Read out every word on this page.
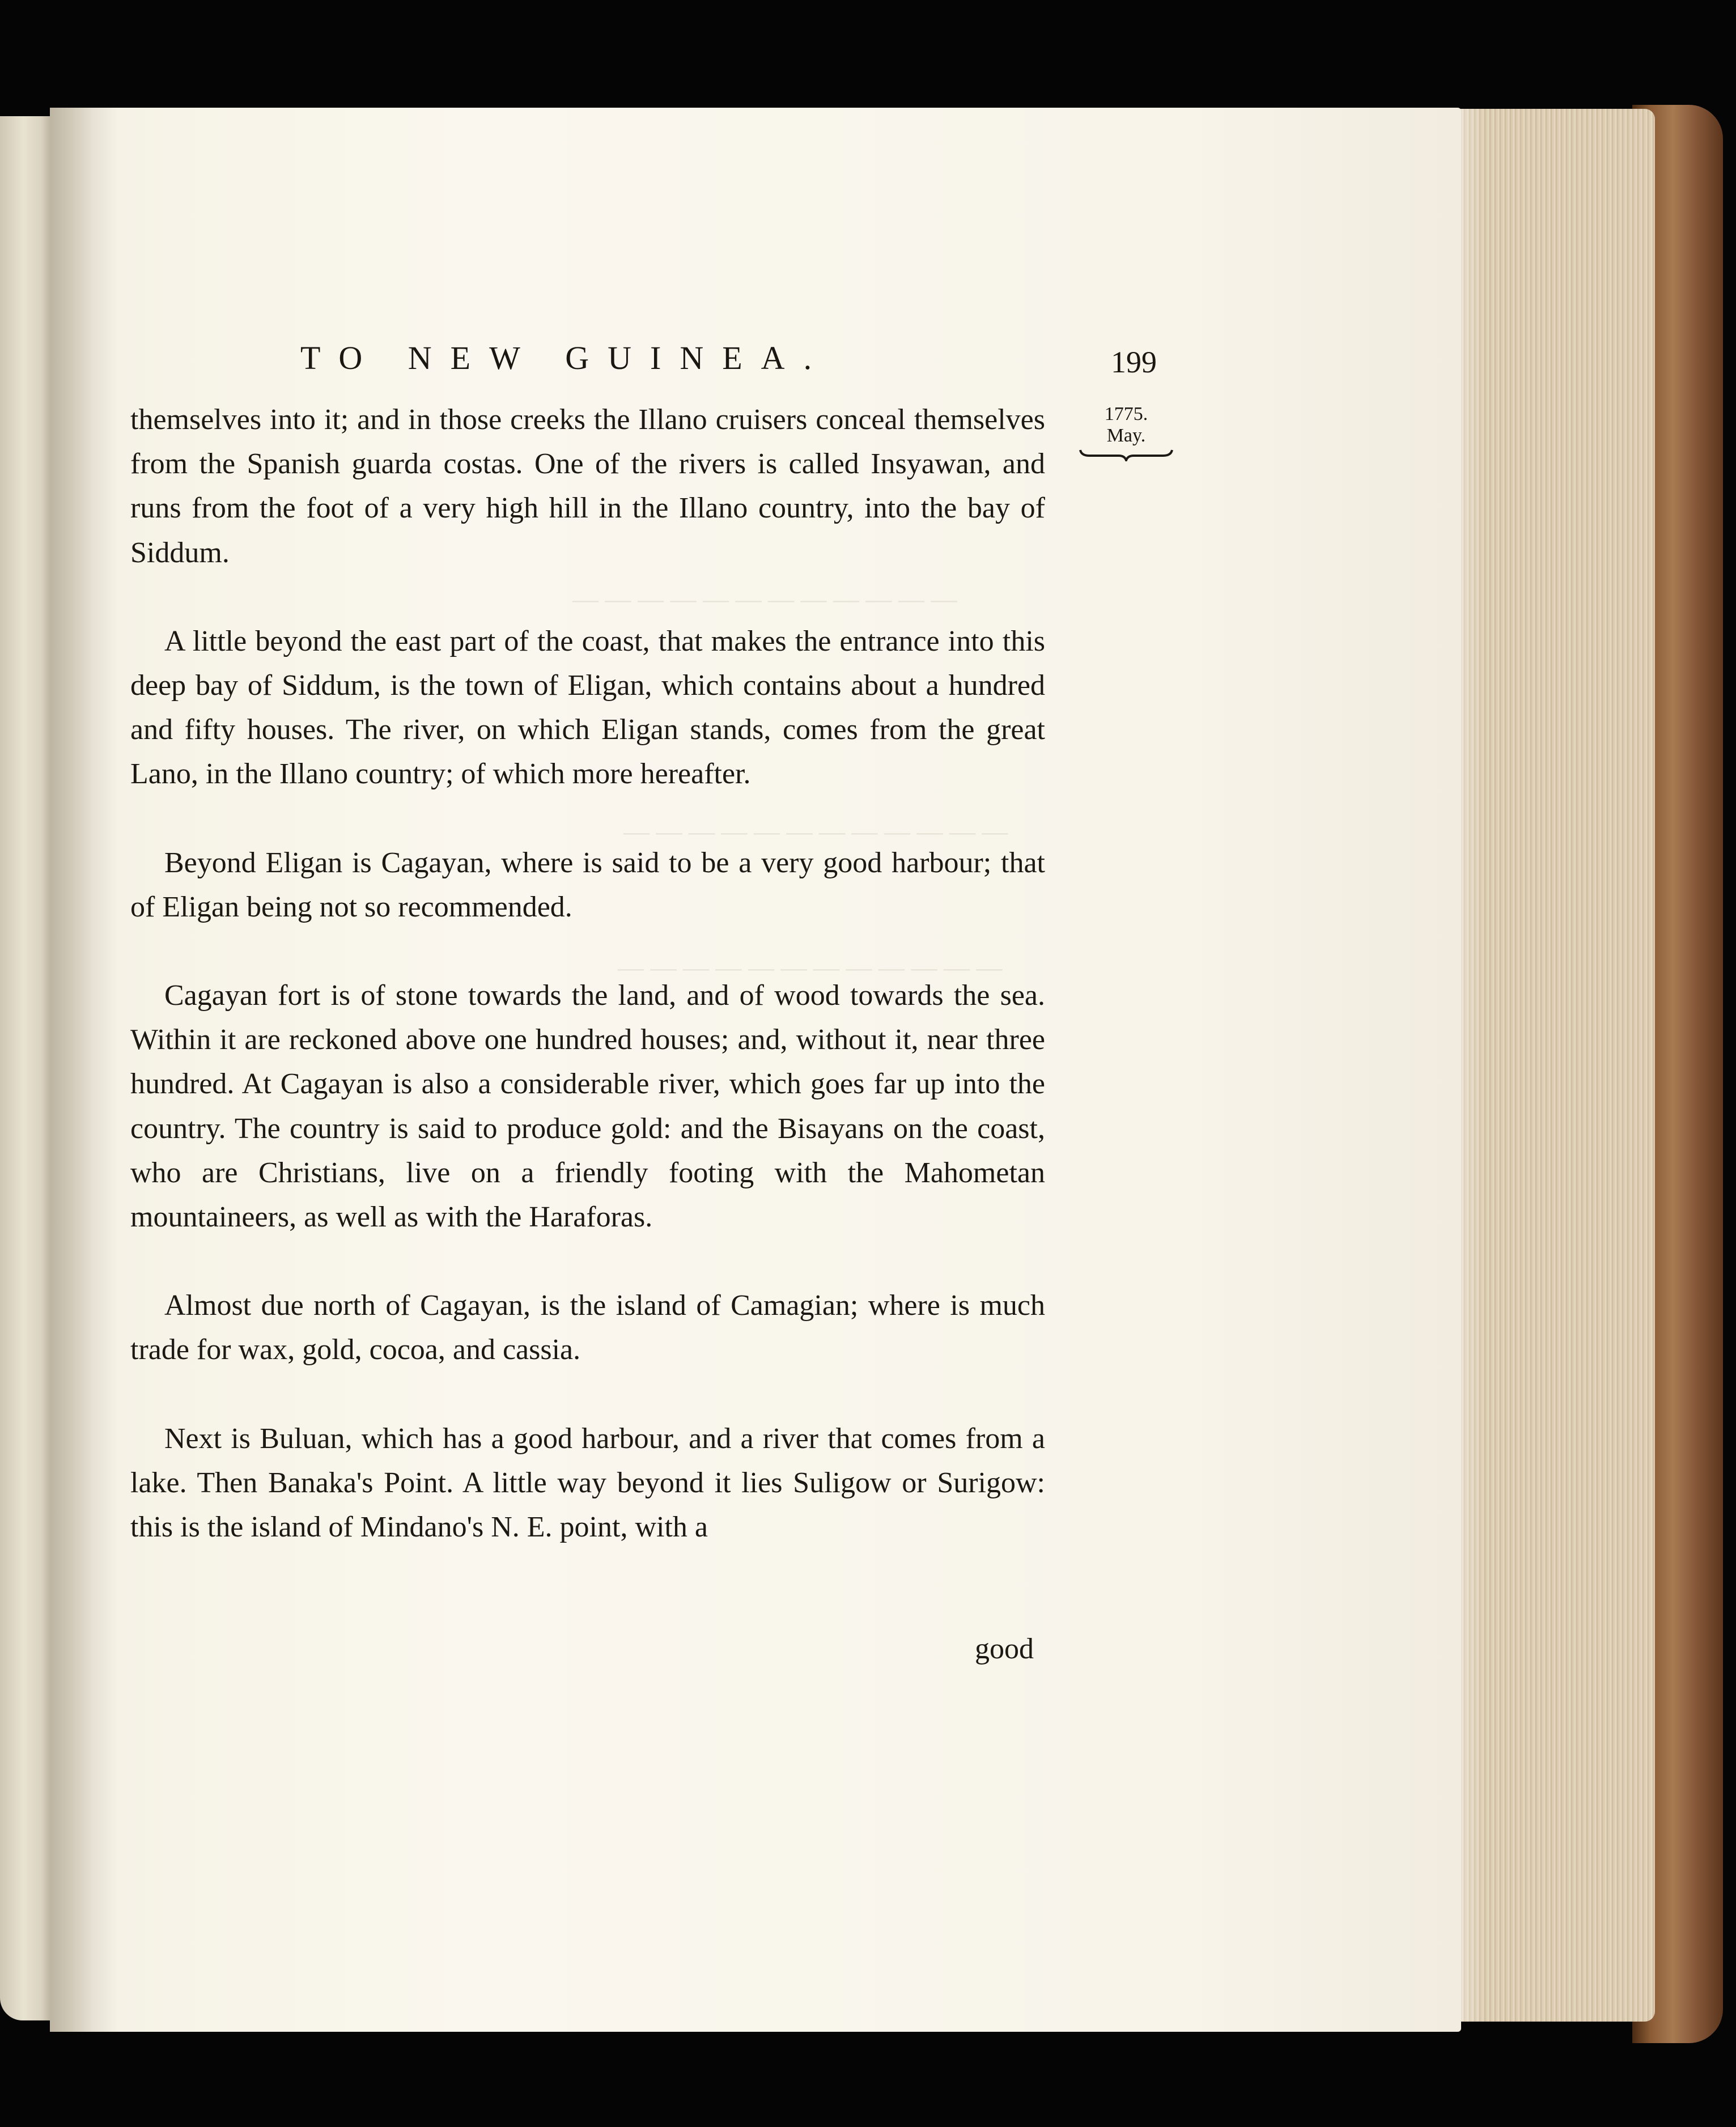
— — — — — — — — — — — —
— — — — — — — — — — — —
— — — — — — — — — — — —
TO NEW GUINEA.	199
1775.
May.

themselves into it; and in those creeks the Illano cruisers conceal themselves from the Spanish guarda costas. One of the rivers is called Insyawan, and runs from the foot of a very high hill in the Illano country, into the bay of Siddum.

A little beyond the east part of the coast, that makes the entrance into this deep bay of Siddum, is the town of Eligan, which contains about a hundred and fifty houses. The river, on which Eligan stands, comes from the great Lano, in the Illano country; of which more hereafter.

Beyond Eligan is Cagayan, where is said to be a very good harbour; that of Eligan being not so recommended.

Cagayan fort is of stone towards the land, and of wood towards the sea. Within it are reckoned above one hundred houses; and, without it, near three hundred. At Cagayan is also a considerable river, which goes far up into the country. The country is said to produce gold: and the Bisayans on the coast, who are Christians, live on a friendly footing with the Mahometan mountaineers, as well as with the Haraforas.

Almost due north of Cagayan, is the island of Camagian; where is much trade for wax, gold, cocoa, and cassia.

Next is Buluan, which has a good harbour, and a river that comes from a lake. Then Banaka's Point. A little way beyond it lies Suligow or Surigow: this is the island of Mindano's N. E. point, with a

good
